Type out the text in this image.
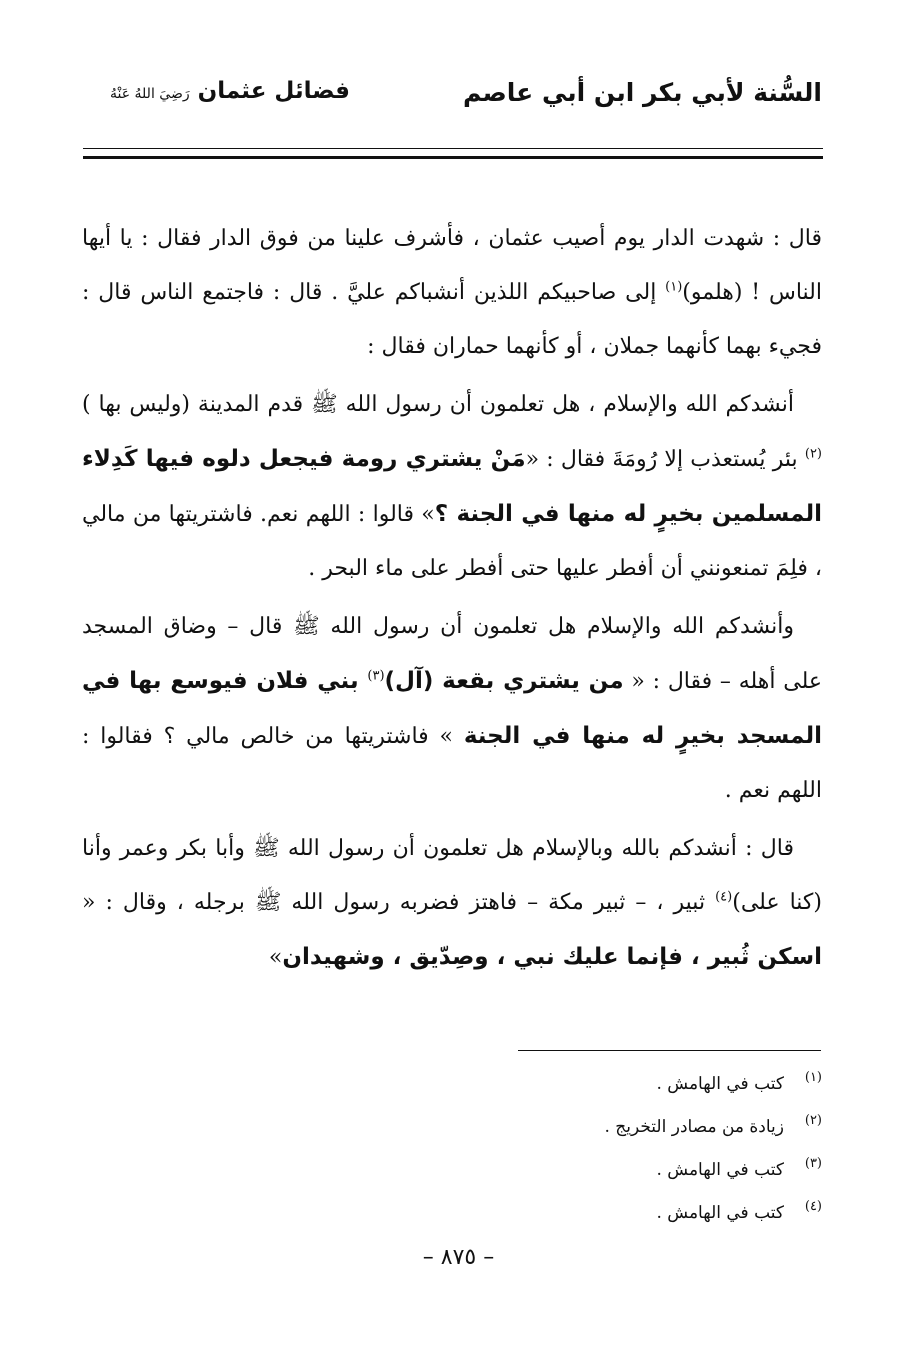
السُّنة لأبي بكر ابن أبي عاصم
فضائل عثمان رَضِيَ اللهُ عَنْهُ

قال : شهدت الدار يوم أصيب عثمان ، فأشرف علينا من فوق الدار فقال : يا أيها الناس ! (هلمو)$^{(١)}$ إلى صاحبيكم اللذين أنشباكم عليَّ . قال : فاجتمع الناس قال : فجيء بهما كأنهما جملان ، أو كأنهما حماران فقال :

أنشدكم الله والإسلام ، هل تعلمون أن رسول الله ﷺ قدم المدينة (وليس بها )$^{(٢)}$ بئر يُستعذب إلا رُومَةَ فقال : «مَنْ يشتري رومة فيجعل دلوه فيها كَدِلاء المسلمين بخيرٍ له منها في الجنة ؟» قالوا : اللهم نعم. فاشتريتها من مالي ، فلِمَ تمنعونني أن أفطر عليها حتى أفطر على ماء البحر .

وأنشدكم الله والإسلام هل تعلمون أن رسول الله ﷺ قال – وضاق المسجد على أهله – فقال : « من يشتري بقعة (آل)$^{(٣)}$ بني فلان فيوسع بها في المسجد بخيرٍ له منها في الجنة » فاشتريتها من خالص مالي ؟ فقالوا : اللهم نعم .

قال : أنشدكم بالله وبالإسلام هل تعلمون أن رسول الله ﷺ وأبا بكر وعمر وأنا (كنا على)$^{(٤)}$ ثبير ، – ثبير مكة – فاهتز فضربه رسول الله ﷺ برجله ، وقال : « اسكن ثُبير ، فإنما عليك نبي ، وصِدّيق ، وشهيدان»

(١)كتب في الهامش .
(٢)زيادة من مصادر التخريج .
(٣)كتب في الهامش .
(٤)كتب في الهامش .
– ٨٧٥ –
